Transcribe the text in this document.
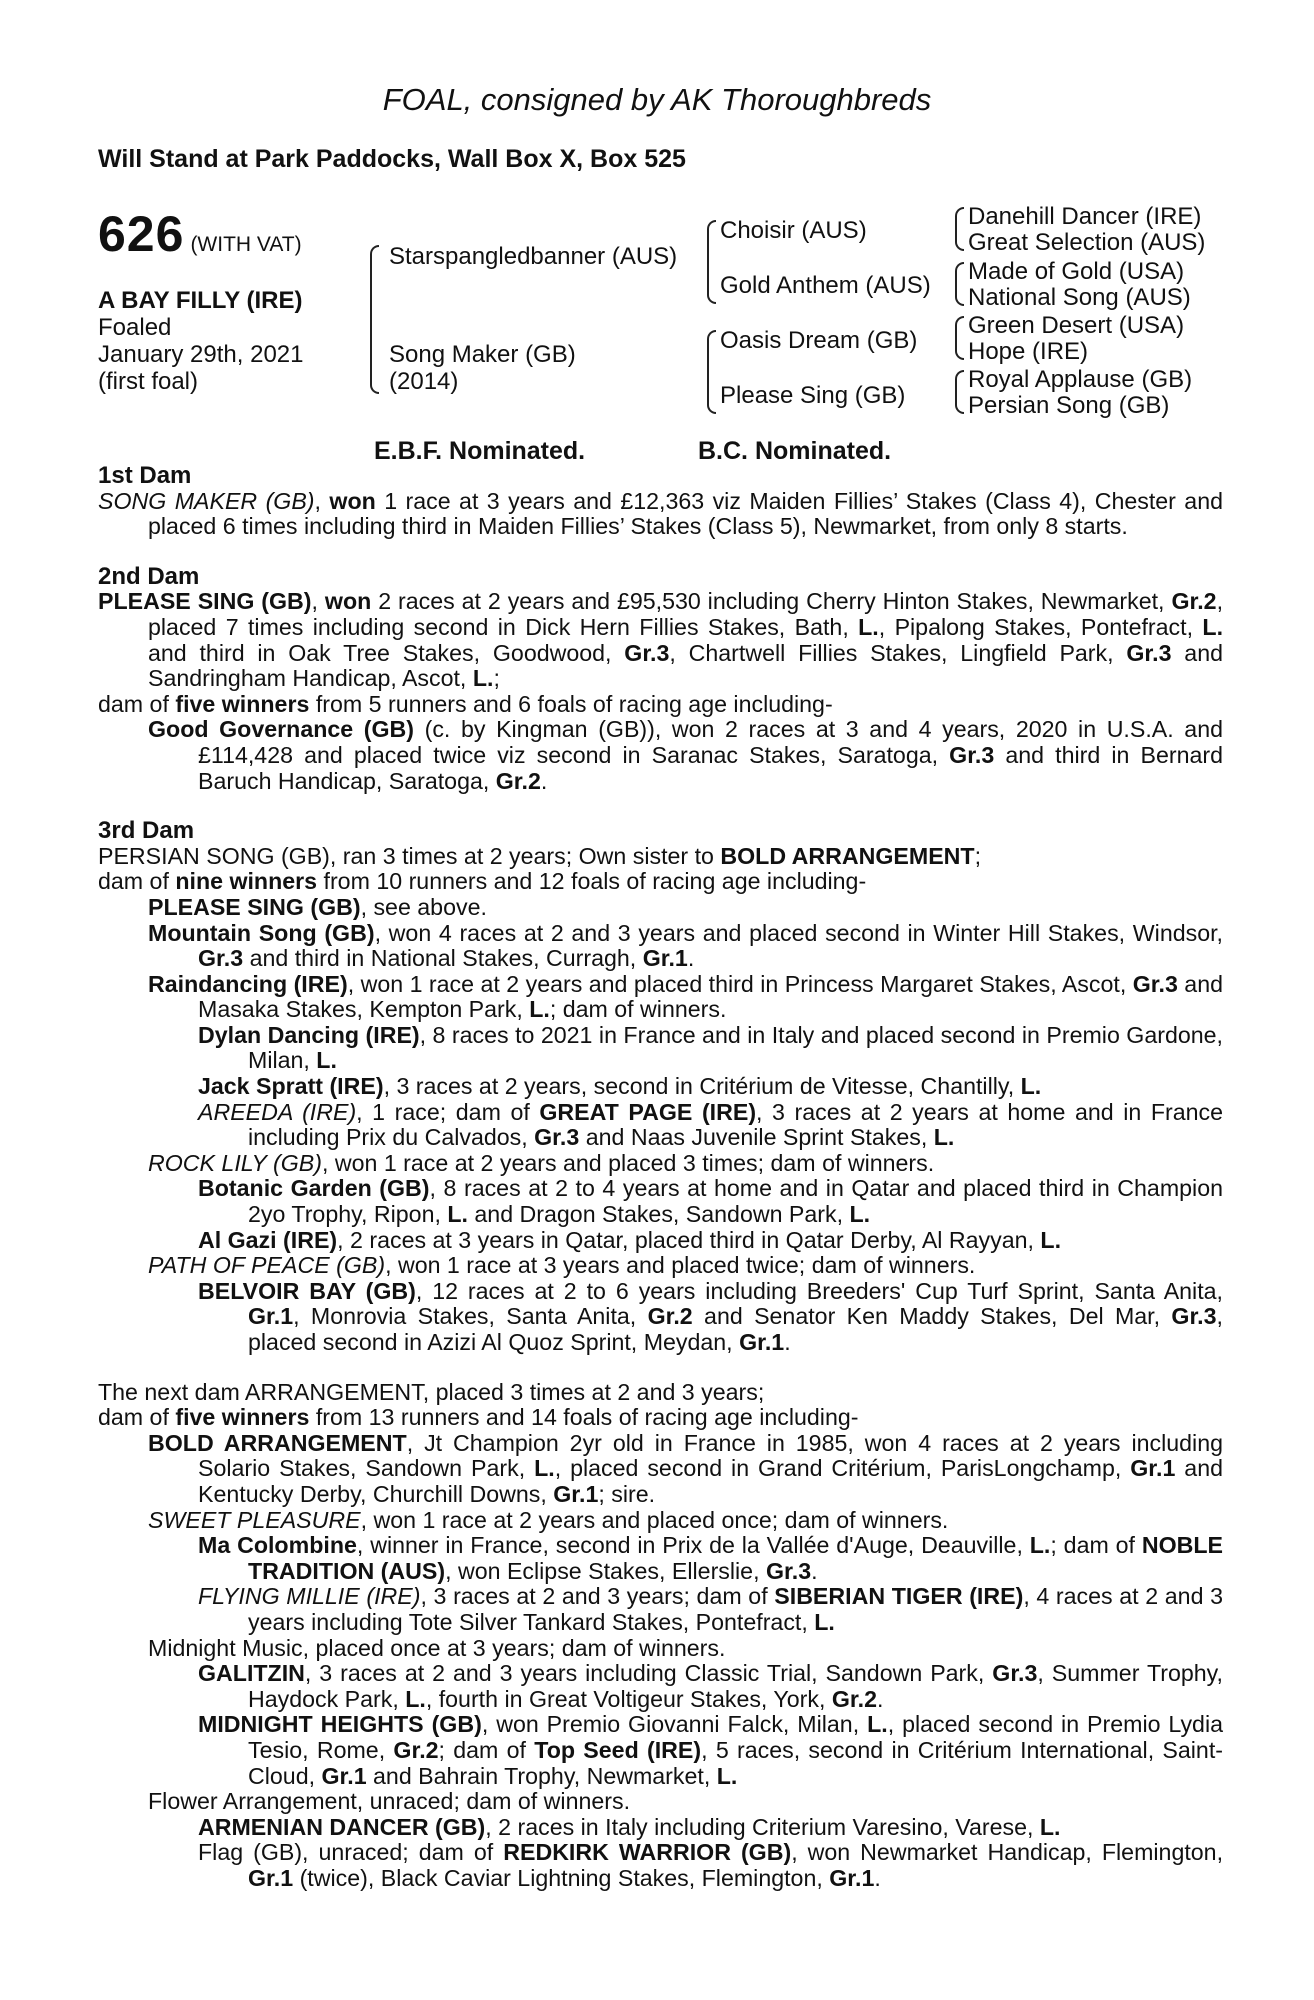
FOAL, consigned by AK Thoroughbreds
Will Stand at Park Paddocks, Wall Box X, Box 525
626 (WITH VAT)
A BAY FILLY (IRE)
Foaled
January 29th, 2021
(first foal)
Starspangledbanner (AUS)
Song Maker (GB)
(2014)
Choisir (AUS)
Gold Anthem (AUS)
Oasis Dream (GB)
Please Sing (GB)
Danehill Dancer (IRE)
Great Selection (AUS)
Made of Gold (USA)
National Song (AUS)
Green Desert (USA)
Hope (IRE)
Royal Applause (GB)
Persian Song (GB)
E.B.F. Nominated.	B.C. Nominated.

1st Dam

SONG MAKER (GB), won 1 race at 3 years and £12,363 viz Maiden Fillies’ Stakes (Class 4), Chester and placed 6 times including third in Maiden Fillies’ Stakes (Class 5), Newmarket, from only 8 starts.

2nd Dam

PLEASE SING (GB), won 2 races at 2 years and £95,530 including Cherry Hinton Stakes, Newmarket, Gr.2, placed 7 times including second in Dick Hern Fillies Stakes, Bath, L., Pipalong Stakes, Pontefract, L. and third in Oak Tree Stakes, Goodwood, Gr.3, Chartwell Fillies Stakes, Lingfield Park, Gr.3 and Sandringham Handicap, Ascot, L.;

dam of five winners from 5 runners and 6 foals of racing age including-

Good Governance (GB) (c. by Kingman (GB)), won 2 races at 3 and 4 years, 2020 in U.S.A. and £114,428 and placed twice viz second in Saranac Stakes, Saratoga, Gr.3 and third in Bernard Baruch Handicap, Saratoga, Gr.2.

3rd Dam

PERSIAN SONG (GB), ran 3 times at 2 years; Own sister to BOLD ARRANGEMENT;

dam of nine winners from 10 runners and 12 foals of racing age including-

PLEASE SING (GB), see above.

Mountain Song (GB), won 4 races at 2 and 3 years and placed second in Winter Hill Stakes, Windsor, Gr.3 and third in National Stakes, Curragh, Gr.1.

Raindancing (IRE), won 1 race at 2 years and placed third in Princess Margaret Stakes, Ascot, Gr.3 and Masaka Stakes, Kempton Park, L.; dam of winners.

Dylan Dancing (IRE), 8 races to 2021 in France and in Italy and placed second in Premio Gardone, Milan, L.

Jack Spratt (IRE), 3 races at 2 years, second in Critérium de Vitesse, Chantilly, L.

AREEDA (IRE), 1 race; dam of GREAT PAGE (IRE), 3 races at 2 years at home and in France including Prix du Calvados, Gr.3 and Naas Juvenile Sprint Stakes, L.

ROCK LILY (GB), won 1 race at 2 years and placed 3 times; dam of winners.

Botanic Garden (GB), 8 races at 2 to 4 years at home and in Qatar and placed third in Champion 2yo Trophy, Ripon, L. and Dragon Stakes, Sandown Park, L.

Al Gazi (IRE), 2 races at 3 years in Qatar, placed third in Qatar Derby, Al Rayyan, L.

PATH OF PEACE (GB), won 1 race at 3 years and placed twice; dam of winners.

BELVOIR BAY (GB), 12 races at 2 to 6 years including Breeders' Cup Turf Sprint, Santa Anita, Gr.1, Monrovia Stakes, Santa Anita, Gr.2 and Senator Ken Maddy Stakes, Del Mar, Gr.3, placed second in Azizi Al Quoz Sprint, Meydan, Gr.1.

The next dam ARRANGEMENT, placed 3 times at 2 and 3 years;

dam of five winners from 13 runners and 14 foals of racing age including-

BOLD ARRANGEMENT, Jt Champion 2yr old in France in 1985, won 4 races at 2 years including Solario Stakes, Sandown Park, L., placed second in Grand Critérium, ParisLongchamp, Gr.1 and Kentucky Derby, Churchill Downs, Gr.1; sire.

SWEET PLEASURE, won 1 race at 2 years and placed once; dam of winners.

Ma Colombine, winner in France, second in Prix de la Vallée d'Auge, Deauville, L.; dam of NOBLE TRADITION (AUS), won Eclipse Stakes, Ellerslie, Gr.3.

FLYING MILLIE (IRE), 3 races at 2 and 3 years; dam of SIBERIAN TIGER (IRE), 4 races at 2 and 3 years including Tote Silver Tankard Stakes, Pontefract, L.

Midnight Music, placed once at 3 years; dam of winners.

GALITZIN, 3 races at 2 and 3 years including Classic Trial, Sandown Park, Gr.3, Summer Trophy, Haydock Park, L., fourth in Great Voltigeur Stakes, York, Gr.2.

MIDNIGHT HEIGHTS (GB), won Premio Giovanni Falck, Milan, L., placed second in Premio Lydia Tesio, Rome, Gr.2; dam of Top Seed (IRE), 5 races, second in Critérium International, Saint-Cloud, Gr.1 and Bahrain Trophy, Newmarket, L.

Flower Arrangement, unraced; dam of winners.

ARMENIAN DANCER (GB), 2 races in Italy including Criterium Varesino, Varese, L.

Flag (GB), unraced; dam of REDKIRK WARRIOR (GB), won Newmarket Handicap, Flemington, Gr.1 (twice), Black Caviar Lightning Stakes, Flemington, Gr.1.
